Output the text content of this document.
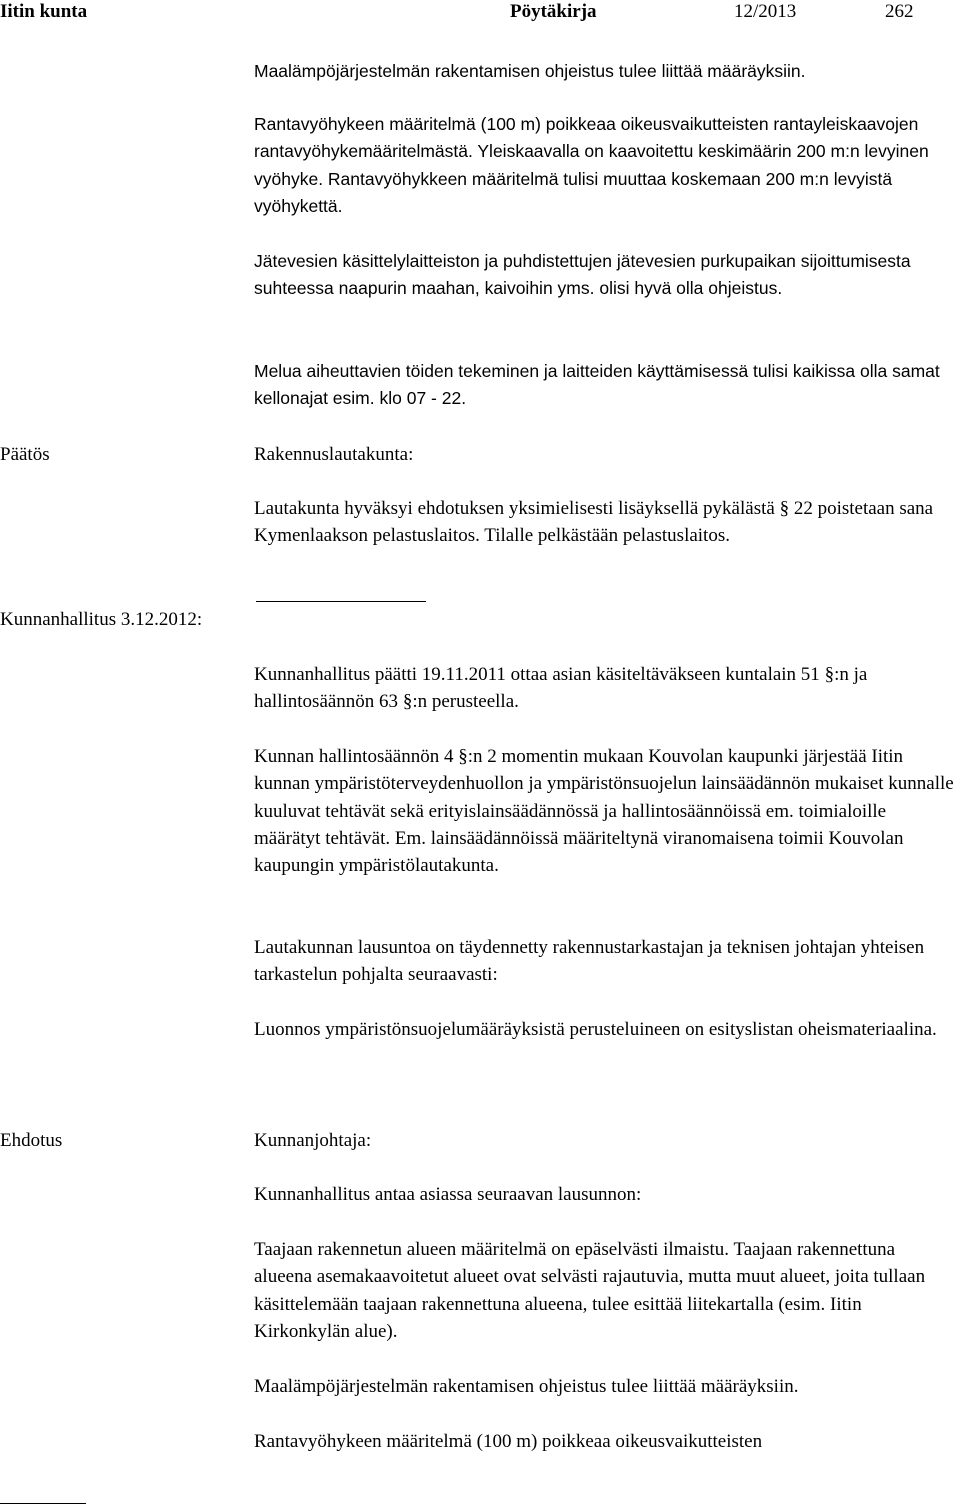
Iitin kunta	Pöytäkirja	12/2013	262
Maalämpöjärjestelmän rakentamisen ohjeistus tulee liittää määräyksiin.
Rantavyöhykeen määritelmä (100 m) poikkeaa oikeusvaikutteisten rantayleiskaavojen rantavyöhykemääritelmästä. Yleiskaavalla on kaavoitettu keskimäärin 200 m:n levyinen vyöhyke. Rantavyöhykkeen määritelmä tulisi muuttaa koskemaan 200 m:n levyistä vyöhykettä.
Jätevesien käsittelylaitteiston ja puhdistettujen jätevesien purkupaikan sijoittumisesta suhteessa naapurin maahan, kaivoihin yms. olisi hyvä olla ohjeistus.
Melua aiheuttavien töiden tekeminen ja laitteiden käyttämisessä tulisi kaikissa olla samat kellonajat esim. klo 07 - 22.
Päätös	Rakennuslautakunta:
Lautakunta hyväksyi ehdotuksen yksimielisesti lisäyksellä pykälästä § 22 poistetaan sana Kymenlaakson pelastuslaitos. Tilalle pelkästään pelastuslaitos.
Kunnanhallitus 3.12.2012:
Kunnanhallitus päätti 19.11.2011 ottaa asian käsiteltäväkseen kuntalain 51 §:n ja hallintosäännön 63 §:n perusteella.
Kunnan hallintosäännön 4 §:n 2 momentin mukaan Kouvolan kaupunki järjestää Iitin kunnan ympäristöterveydenhuollon ja ympäristönsuojelun lainsäädännön mukaiset kunnalle kuuluvat tehtävät sekä erityislainsäädännössä ja hallintosäännöissä em. toimialoille määrätyt tehtävät. Em. lainsäädännöissä määriteltynä viranomaisena toimii Kouvolan kaupungin ympäristölautakunta.
Lautakunnan lausuntoa on täydennetty rakennustarkastajan ja teknisen johtajan yhteisen tarkastelun pohjalta seuraavasti:
Luonnos ympäristönsuojelumääräyksistä perusteluineen on esityslistan oheismateriaalina.
Ehdotus	Kunnanjohtaja:
Kunnanhallitus antaa asiassa seuraavan lausunnon:
Taajaan rakennetun alueen määritelmä on epäselvästi ilmaistu. Taajaan rakennettuna alueena asemakaavoitetut alueet ovat selvästi rajautuvia, mutta muut alueet, joita tullaan käsittelemään taajaan rakennettuna alueena, tulee esittää liitekartalla (esim. Iitin Kirkonkylän alue).
Maalämpöjärjestelmän rakentamisen ohjeistus tulee liittää määräyksiin.
Rantavyöhykeen määritelmä (100 m) poikkeaa oikeusvaikutteisten
